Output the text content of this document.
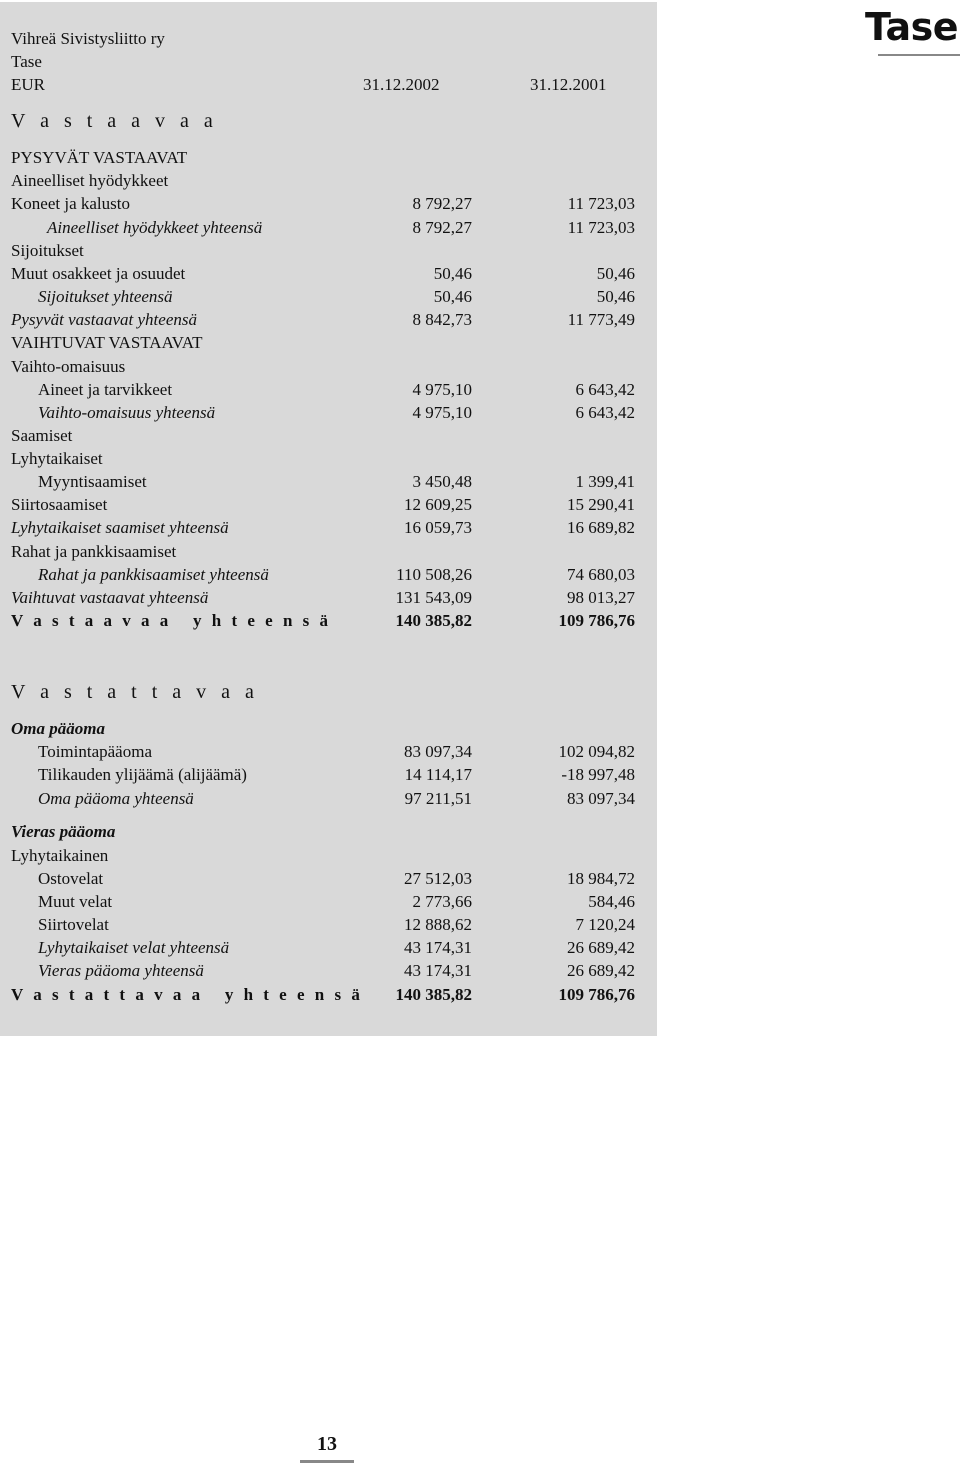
Tase
Vihreä Sivistysliitto ry
Tase
EUR	31.12.2002	31.12.2001
V a s t a a v a a
PYSYVÄT VASTAAVAT
Aineelliset hyödykkeet
Koneet ja kalusto	8 792,27	11 723,03
Aineelliset hyödykkeet yhteensä	8 792,27	11 723,03
Sijoitukset
Muut osakkeet ja osuudet	50,46	50,46
Sijoitukset yhteensä	50,46	50,46
Pysyvät vastaavat yhteensä	8 842,73	11 773,49
VAIHTUVAT VASTAAVAT
Vaihto-omaisuus
Aineet ja tarvikkeet	4 975,10	6 643,42
Vaihto-omaisuus yhteensä	4 975,10	6 643,42
Saamiset
Lyhytaikaiset
Myyntisaamiset	3 450,48	1 399,41
Siirtosaamiset	12 609,25	15 290,41
Lyhytaikaiset saamiset yhteensä	16 059,73	16 689,82
Rahat ja pankkisaamiset
Rahat ja pankkisaamiset yhteensä	110 508,26	74 680,03
Vaihtuvat vastaavat yhteensä	131 543,09	98 013,27
V a s t a a v a a   y h t e e n s ä	140 385,82	109 786,76
V a s t a t t a v a a
Oma pääoma
Toimintapääoma	83 097,34	102 094,82
Tilikauden ylijäämä (alijäämä)	14 114,17	-18 997,48
Oma pääoma yhteensä	97 211,51	83 097,34
Vieras pääoma
Lyhytaikainen
Ostovelat	27 512,03	18 984,72
Muut velat	2 773,66	584,46
Siirtovelat	12 888,62	7 120,24
Lyhytaikaiset velat yhteensä	43 174,31	26 689,42
Vieras pääoma yhteensä	43 174,31	26 689,42
V a s t a t t a v a a   y h t e e n s ä 140 385,82	109 786,76
13
